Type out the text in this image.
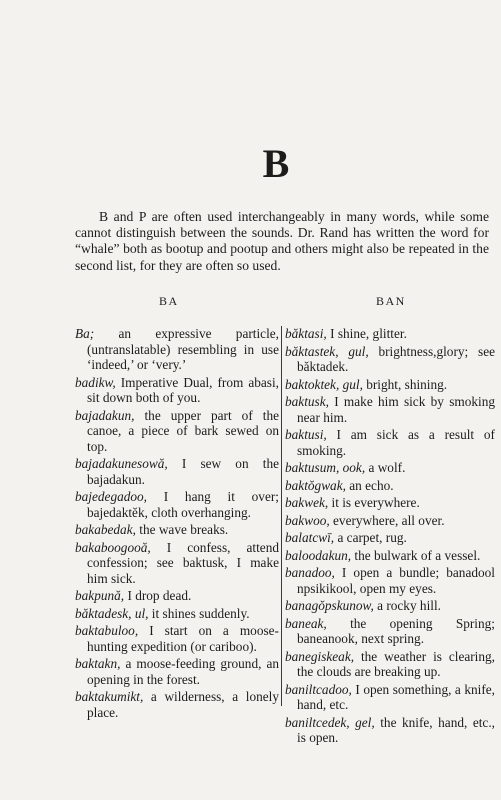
B

B and P are often used interchangeably in many words, while some cannot distinguish between the sounds. Dr. Rand has written the word for “whale” both as bootup and pootup and others might also be repeated in the second list, for they are often so used.

BA	BAN
Ba; an expressive particle, (untranslatable) resembling in use ‘indeed,’ or ‘very.’
badikw, Imperative Dual, from abasi, sit down both of you.
bajadakun, the upper part of the canoe, a piece of bark sewed on top.
bajadakunesowă, I sew on the bajadakun.
bajedegadoo, I hang it over; bajedaktĕk, cloth overhanging.
bakabedak, the wave breaks.
bakaboogooă, I confess, attend confession; see baktusk, I make him sick.
bakpună, I drop dead.
băktadesk, ul, it shines suddenly.
baktabuloo, I start on a moose-hunting expedition (or cariboo).
baktakn, a moose-feeding ground, an opening in the forest.
baktakumikt, a wilderness, a lonely place.
băktasi, I shine, glitter.
băktastek, gul, brightness,glory; see băktadek.
baktoktek, gul, bright, shining.
baktusk, I make him sick by smoking near him.
baktusi, I am sick as a result of smoking.
baktusum, ook, a wolf.
baktŏgwak, an echo.
bakwek, it is everywhere.
bakwoo, everywhere, all over.
balatcwī, a carpet, rug.
baloodakun, the bulwark of a vessel.
banadoo, I open a bundle; banadool npsikikool, open my eyes.
banagŏpskunow, a rocky hill.
baneak, the opening Spring; baneanook, next spring.
banegiskeak, the weather is clearing, the clouds are breaking up.
baniltcadoo, I open something, a knife, hand, etc.
baniltcedek, gel, the knife, hand, etc., is open.
